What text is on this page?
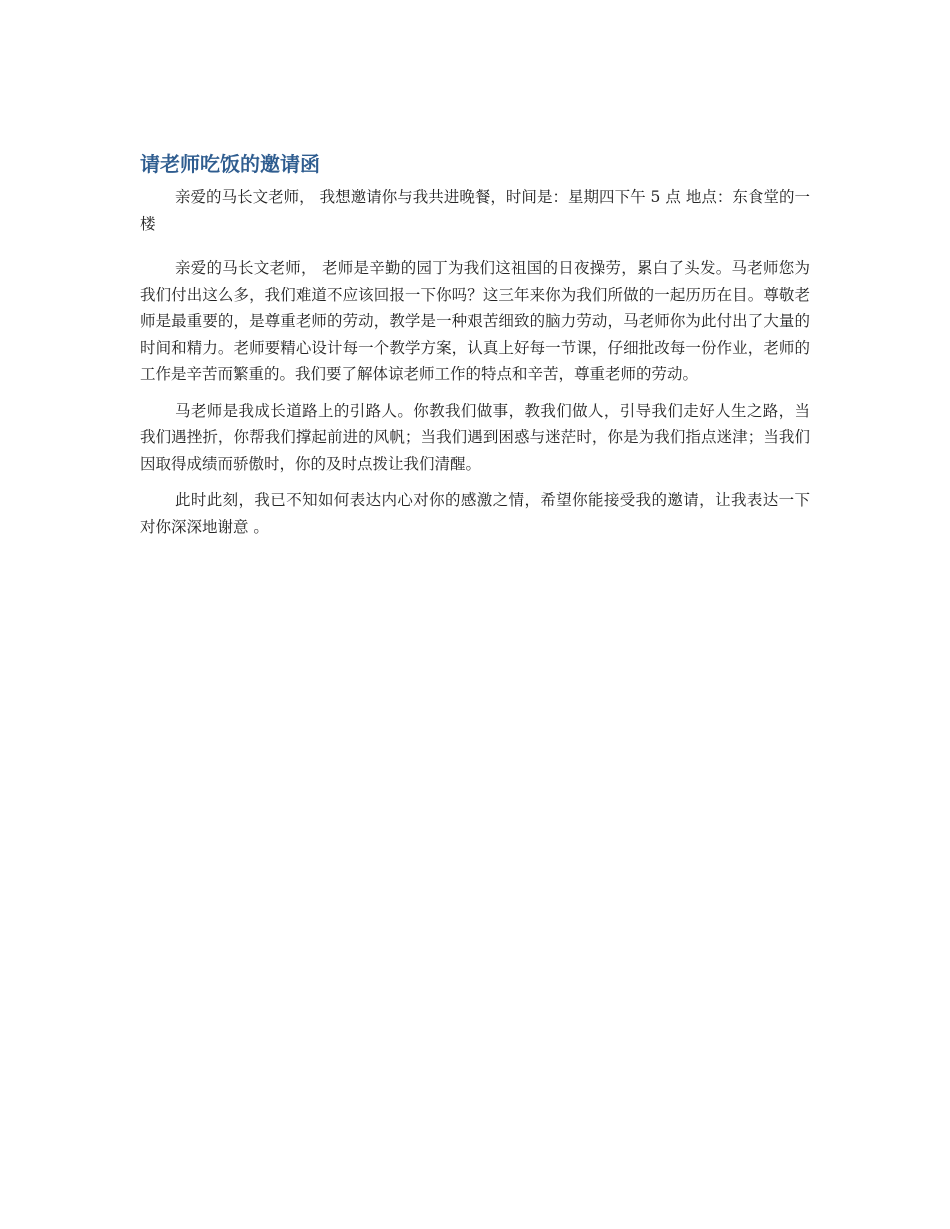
请老师吃饭的邀请函

亲爱的马长文老师， 我想邀请你与我共进晚餐，时间是：星期四下午 5 点 地点：东食堂的一楼

亲爱的马长文老师， 老师是辛勤的园丁为我们这祖国的日夜操劳，累白了头发。马老师您为我们付出这么多，我们难道不应该回报一下你吗？这三年来你为我们所做的一起历历在目。尊敬老师是最重要的，是尊重老师的劳动，教学是一种艰苦细致的脑力劳动，马老师你为此付出了大量的时间和精力。老师要精心设计每一个教学方案，认真上好每一节课，仔细批改每一份作业，老师的工作是辛苦而繁重的。我们要了解体谅老师工作的特点和辛苦，尊重老师的劳动。

马老师是我成长道路上的引路人。你教我们做事，教我们做人，引导我们走好人生之路，当我们遇挫折，你帮我们撑起前进的风帆；当我们遇到困惑与迷茫时，你是为我们指点迷津；当我们因取得成绩而骄傲时，你的及时点拨让我们清醒。

此时此刻，我已不知如何表达内心对你的感激之情，希望你能接受我的邀请，让我表达一下对你深深地谢意 。
